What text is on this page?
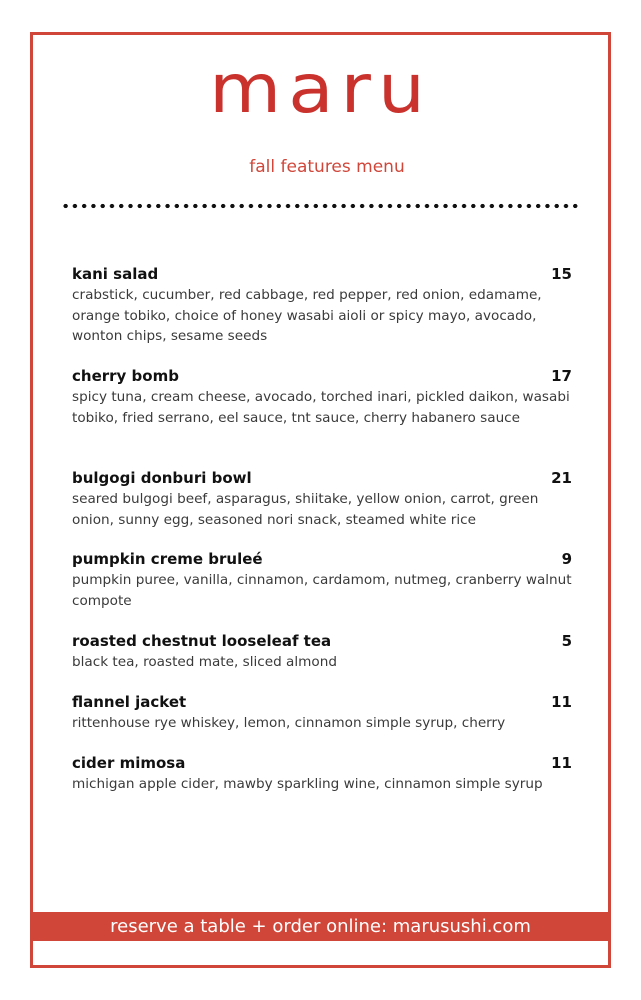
maru
fall features menu
kani salad	15
crabstick, cucumber, red cabbage, red pepper, red onion, edamame, orange tobiko, choice of honey wasabi aioli or spicy mayo, avocado, wonton chips, sesame seeds
cherry bomb	17
spicy tuna, cream cheese, avocado, torched inari, pickled daikon, wasabi tobiko, fried serrano, eel sauce, tnt sauce, cherry habanero sauce
bulgogi donburi bowl	21
seared bulgogi beef, asparagus, shiitake, yellow onion, carrot, green onion, sunny egg, seasoned nori snack, steamed white rice
pumpkin creme bruleé	9
pumpkin puree, vanilla, cinnamon, cardamom, nutmeg, cranberry walnut compote
roasted chestnut looseleaf tea	5
black tea, roasted mate, sliced almond
flannel jacket	11
rittenhouse rye whiskey, lemon, cinnamon simple syrup, cherry
cider mimosa	11
michigan apple cider, mawby sparkling wine, cinnamon simple syrup
reserve a table + order online: marusushi.com
